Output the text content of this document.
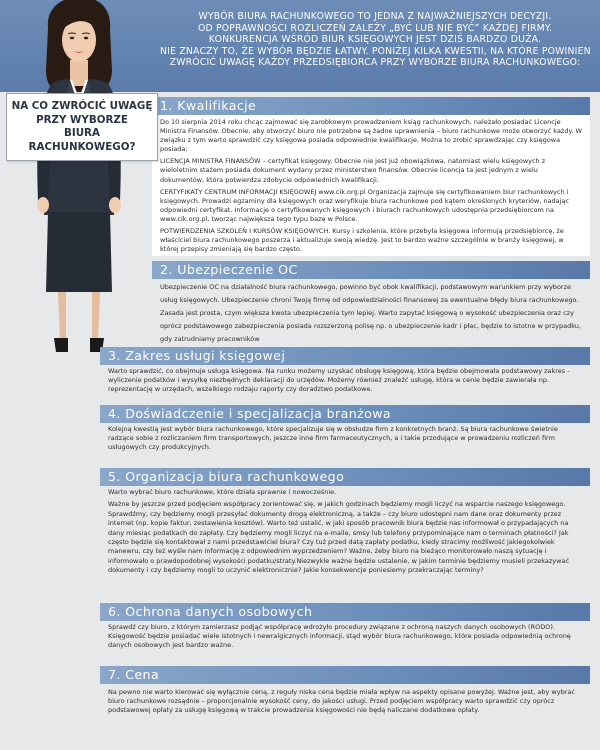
WYBÓR BIURA RACHUNKOWEGO TO JEDNA Z NAJWAŻNIEJSZYCH DECYZJI.
OD POPRAWNOŚCI ROZLICZEŃ ZALEŻY „BYĆ LUB NIE BYĆ” KAŻDEJ FIRMY.
KONKURENCJA WŚRÓD BIUR KSIĘGOWYCH JEST DZIŚ BARDZO DUŻA.
NIE ZNACZY TO, ŻE WYBÓR BĘDZIE ŁATWY. PONIŻEJ KILKA KWESTII, NA KTÓRE POWINIEN
ZWRÓCIĆ UWAGĘ KAŻDY PRZEDSIĘBIORCA PRZY WYBORZE BIURA RACHUNKOWEGO:
NA CO ZWRÓCIĆ UWAGĘ
PRZY WYBORZE
BIURA RACHUNKOWEGO?
1. Kwalifikacje

Do 10 sierpnia 2014 roku chcąc zajmować się zarobkowym prowadzeniem ksiąg rachunkowych, należało posiadać Licencje Ministra Finansów. Obecnie, aby otworzyć biuro nie potrzebne są żadne uprawnienia – biuro rachunkowe może otworzyć każdy. W związku z tym warto sprawdzić czy księgowa posiada odpowiednie kwalifikacje. Można to zrobić sprawdzając czy księgowa posiada:

LICENCJA MINISTRA FINANSÓW – certyfikat księgowy. Obecnie nie jest już obowiązkowa, natomiast wielu księgowych z wieloletnim stażem posiada dokument wydany przez ministerstwo finansów. Obecnie licencja ta jest jednym z wielu dokumentów, która potwierdza zdobycie odpowiednich kwalifikacji.

CERTYFIKATY CENTRUM INFORMACJI KSIĘGOWEJ www.cik.org.pl Organizacja zajmuje się certyfikowaniem biur rachunkowych i księgowych. Prowadzi egzaminy dla księgowych oraz weryfikuje biura rachunkowe pod kątem określonych kryteriów, nadając odpowiedni certyfikat. Informacje o certyfikowanych księgowych i biurach rachunkowych udostępnia przedsiębiorcom na www.cik.org.pl, tworząc największa tego typu bazę w Polsce.

POTWIERDZENIA SZKOLEŃ I KURSÓW KSIĘGOWYCH. Kursy i szkolenia, które przebyła księgowa informują przedsiębiorcę, że właściciel biura rachunkowego poszerza i aktualizuje swoją wiedzę. Jest to bardzo ważne szczególnie w branży księgowej, w której przepisy zmieniają się bardzo często.

2. Ubezpieczenie OC

Ubezpieczenie OC na działalność biura rachunkowego, powinno być obok kwalifikacji, podstawowym warunkiem przy wyborze usług księgowych. Ubezpieczenie chroni Twoją firmę od odpowiedzialności finansowej za ewentualne błędy biura rachunkowego. Zasada jest prosta, czym większa kwota ubezpieczenia tym lepiej. Warto zapytać księgową o wysokość ubezpieczenia oraz czy oprócz podstawowego zabezpieczenia posiada rozszerzoną polisę np. o ubezpieczenie kadr i płac, będzie to istotne w przypadku, gdy zatrudniamy pracowników

3. Zakres usługi księgowej

Warto sprawdzić, co obejmuje usługa księgowa. Na runku możemy uzyskać obsługę księgową, która będzie obejmowała podstawowy zakres - wyliczenie podatków i wysyłkę niezbędnych deklaracji do urzędów. Możemy również znaleźć usługę, która w cenie będzie zawierała np. reprezentację w urzędach, wszelkiego rodzaju raporty czy doradztwo podatkowe.

4. Doświadczenie i specjalizacja branżowa

Kolejną kwestią jest wybór biura rachunkowego, które specjalizuje się w obsłudze firm z konkretnych branż. Są biura rachunkowe świetnie radzące sobie z rozliczaniem firm transportowych, jeszcze inne firm farmaceutycznych, a i takie przodujące w prowadzeniu rozliczeń firm usługowych czy produkcyjnych.

5. Organizacja biura rachunkowego

Warto wybrać biuro rachunkowe, które działa sprawnie i nowocześnie.

Ważne by jeszcze przed podjęciem współpracy zorientować się, w jakich godzinach będziemy mogli liczyć na wsparcie naszego księgowego. Sprawdźmy, czy będziemy mogli przesyłać dokumenty drogą elektroniczną, a także – czy biuro udostępni nam dane oraz dokumenty przez internet (np. kopie faktur, zestawienia kosztów). Warto też ustalić, w jaki sposób pracownik biura będzie nas informował o przypadających na dany miesiąc podatkach do zapłaty. Czy będziemy mogli liczyć na e-maile, smsy lub telefony przypominające nam o terminach płatności? Jak często będzie się kontaktował z nami przedstawiciel biura? Czy tuż przed datą zapłaty podatku, kiedy stracimy możliwość jakiegokolwiek manewru, czy też wyśle nam informację z odpowiednim wyprzedzeniem? Ważne, żeby biuro na bieżąco monitorowało naszą sytuację i informowało o prawdopodobnej wysokości podatku/straty.Niezwykle ważne będzie ustalenie, w jakim terminie będziemy musieli przekazywać dokumenty i czy będziemy mogli to uczynić elektronicznie? Jakie konsekwencje poniesiemy przekraczając terminy?

6. Ochrona danych osobowych

Sprawdź czy biuro, z którym zamierzasz podjąć współpracę wdrożyło procedury związane z ochroną naszych danych osobowych (RODO). Księgowość będzie posiadać wiele istotnych i newralgicznych informacji, stąd wybór biura rachunkowego, które posiada odpowiednią ochronę danych osobowych jest bardzo ważne.

7. Cena

Na pewno nie warto kierować się wyłącznie ceną, z reguły niska cena będzie miała wpływ na aspekty opisane powyżej. Ważne jest, aby wybrać biuro rachunkowe rozsądnie – proporcjonalnie wysokość ceny, do jakości usługi. Przed podjęciem współpracy warto sprawdzić czy oprócz podstawowej opłaty za usługę księgową w trakcie prowadzenia księgowości nie będą naliczane dodatkowe opłaty.
